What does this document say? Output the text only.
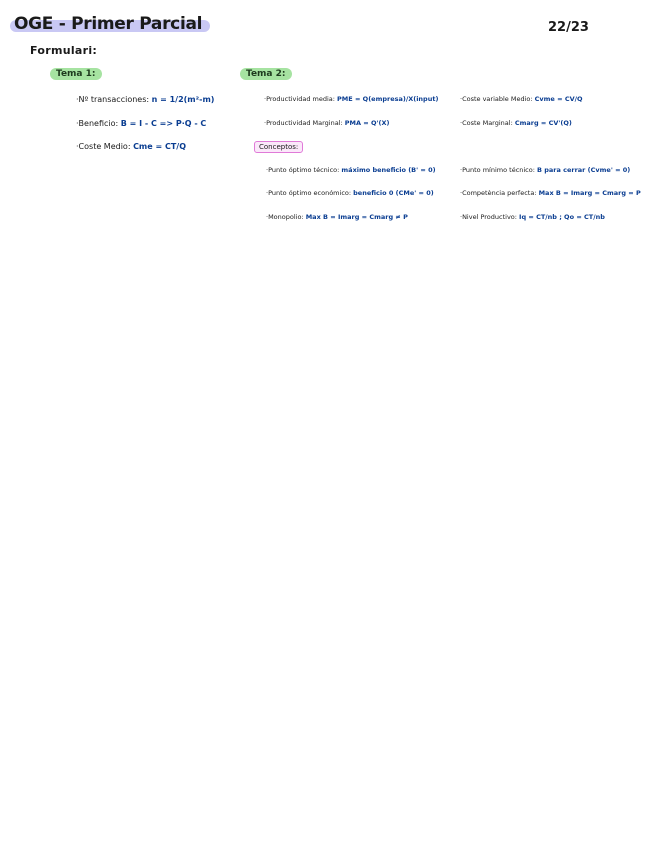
OGE - Primer Parcial	22/23
Formulari:
Tema 1:
·Nº transacciones: n = 1/2(m²-m)
·Beneficio: B = I - C => P·Q - C
·Coste Medio: Cme = CT/Q
Tema 2:
·Productividad media: PME = Q(empresa)/X(input)
·Productividad Marginal: PMA = Q'(X)
·Coste variable Medio: Cvme = CV/Q
·Coste Marginal: Cmarg = CV'(Q)
Conceptos:
·Punto óptimo técnico: máximo beneficio (B' = 0)
·Punto óptimo económico: beneficio 0 (CMe' = 0)
·Monopolio: Max B = Imarg = Cmarg ≠ P
·Punto mínimo técnico: B para cerrar (Cvme' = 0)
·Competència perfecta: Max B = Imarg = Cmarg = P
·Nivel Productivo: Iq = CT/nb ; Qo = CT/nb
